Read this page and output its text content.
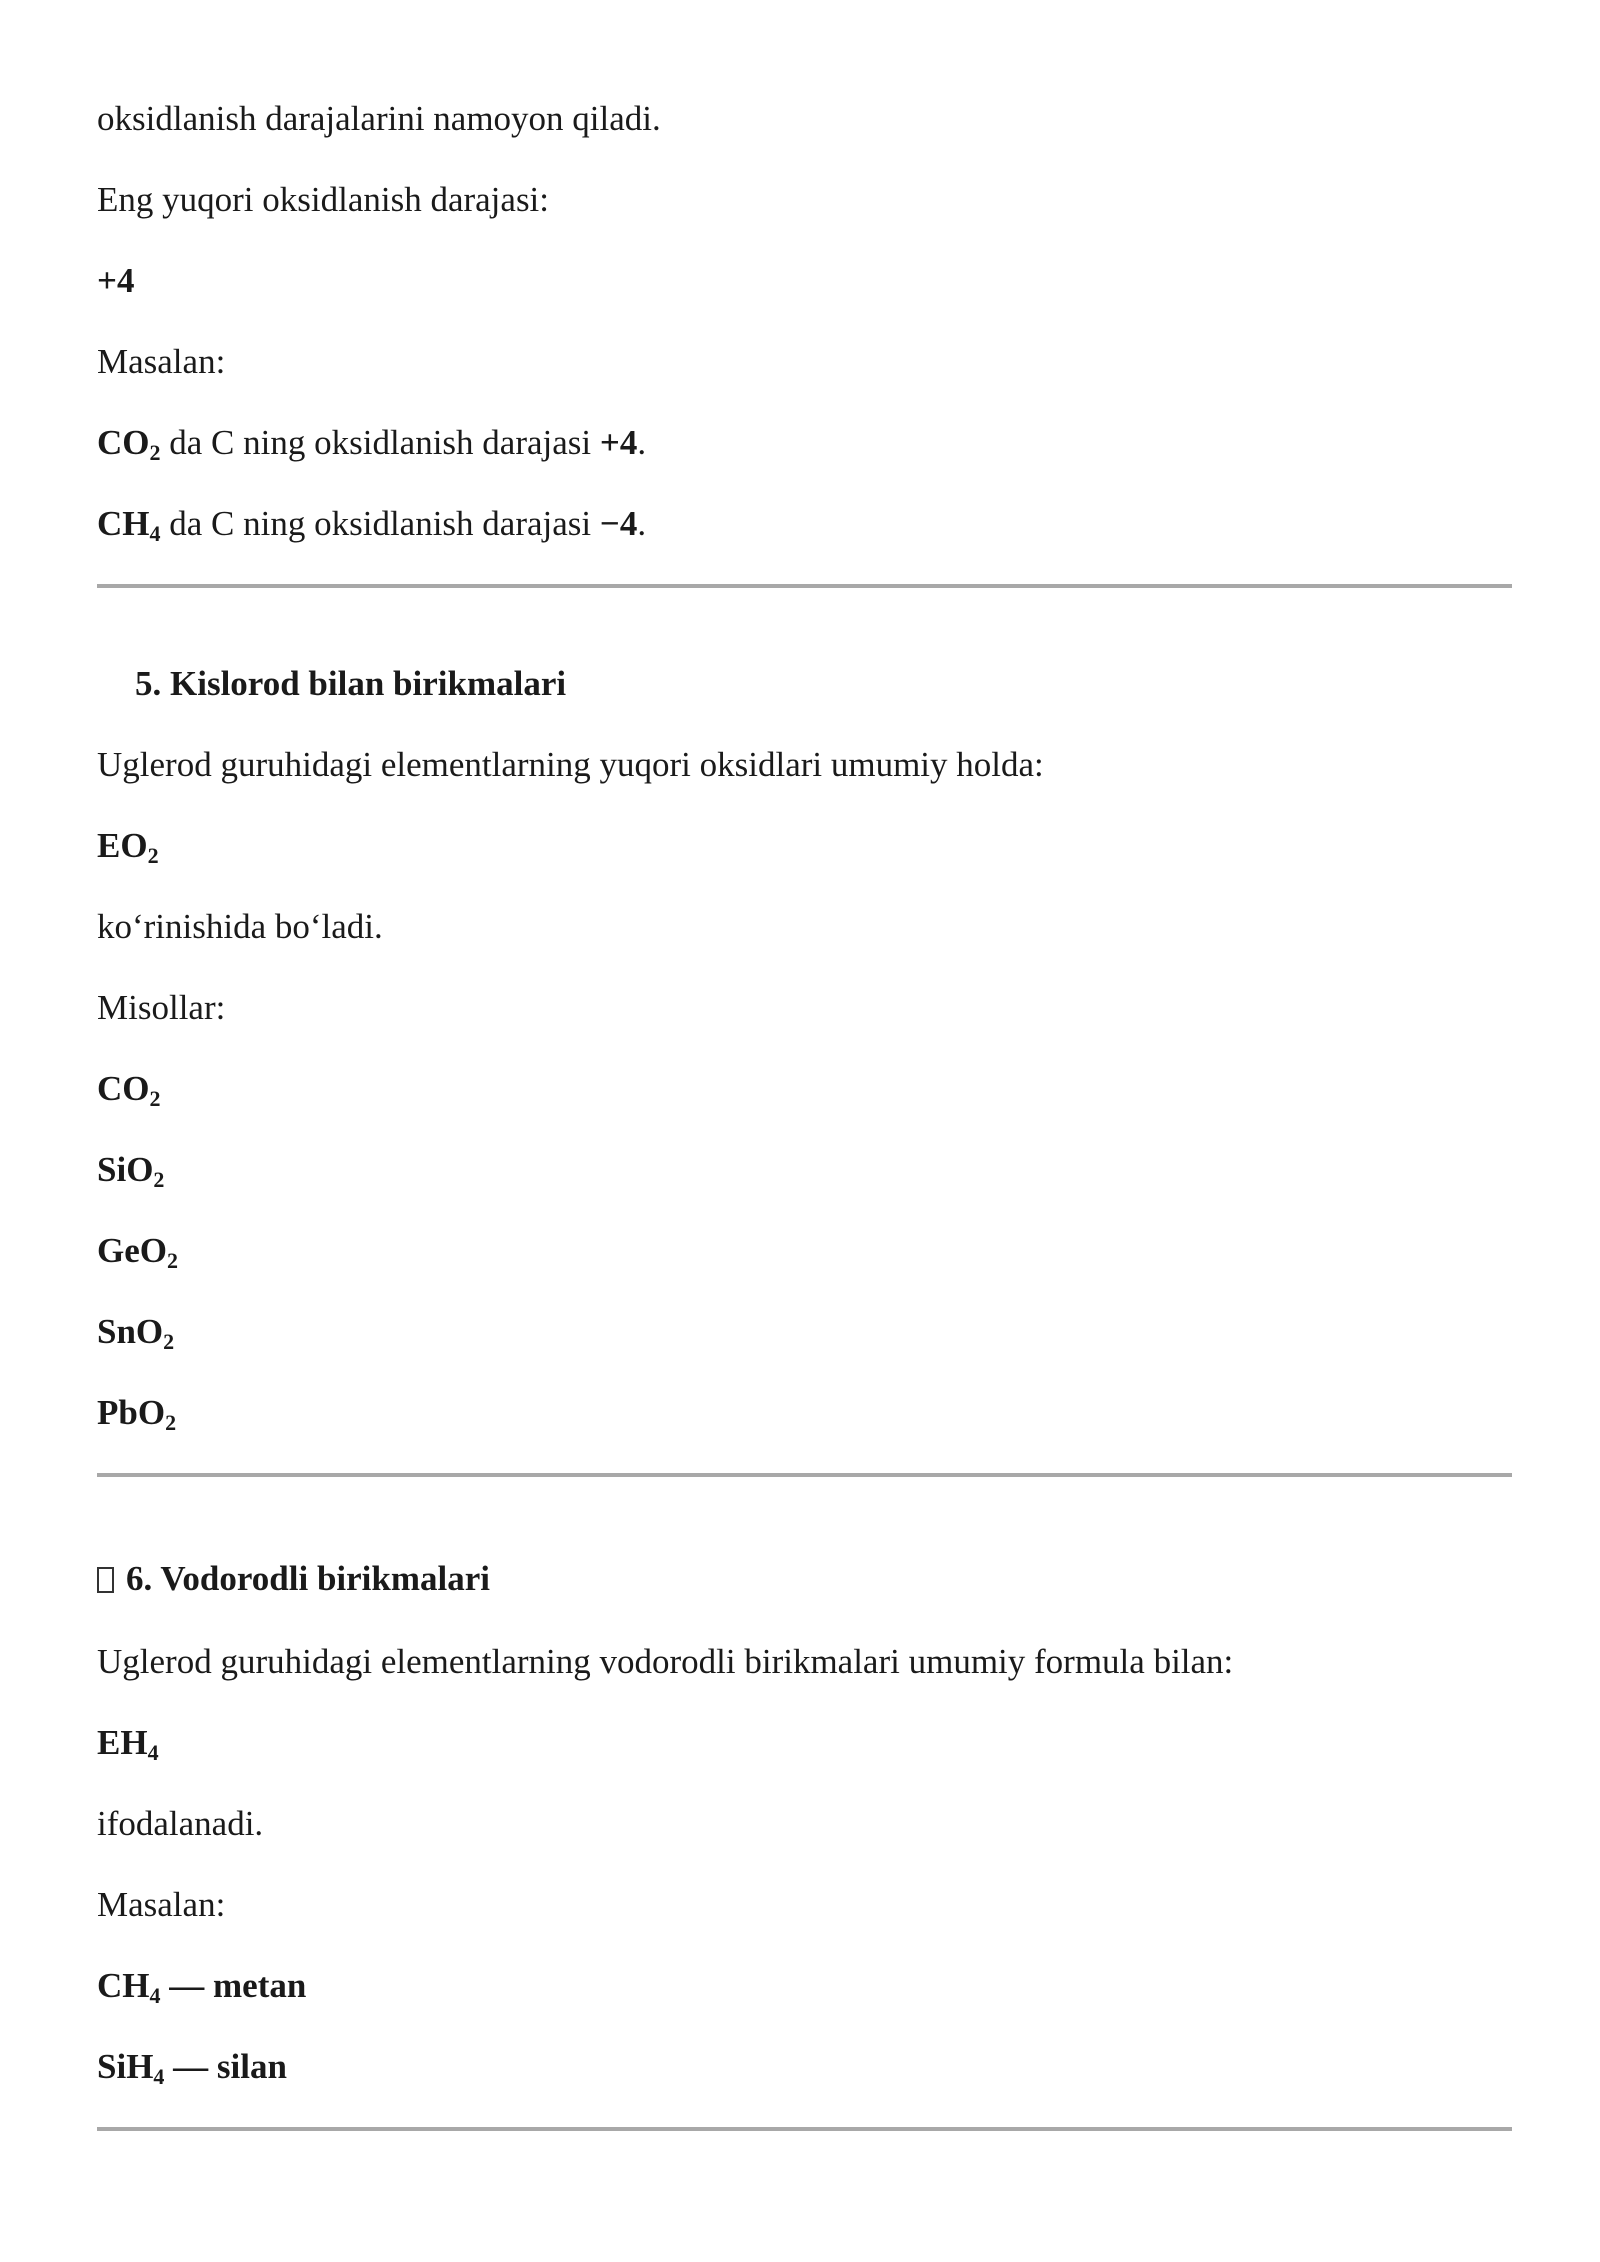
oksidlanish darajalarini namoyon qiladi.
Eng yuqori oksidlanish darajasi:
+4
Masalan:
$CO_2$ da C ning oksidlanish darajasi +4.
$CH_4$ da C ning oksidlanish darajasi −4.
5. Kislorod bilan birikmalari
Uglerod guruhidagi elementlarning yuqori oksidlari umumiy holda:
$EO_2$
ko‘rinishida bo‘ladi.
Misollar:
$CO_2$
SiO$_2$
GeO$_2$
SnO$_2$
PbO$_2$
6. Vodorodli birikmalari
Uglerod guruhidagi elementlarning vodorodli birikmalari umumiy formula bilan:
$EH_4$
ifodalanadi.
Masalan:
$CH_4$ — metan
SiH$_4$ — silan
